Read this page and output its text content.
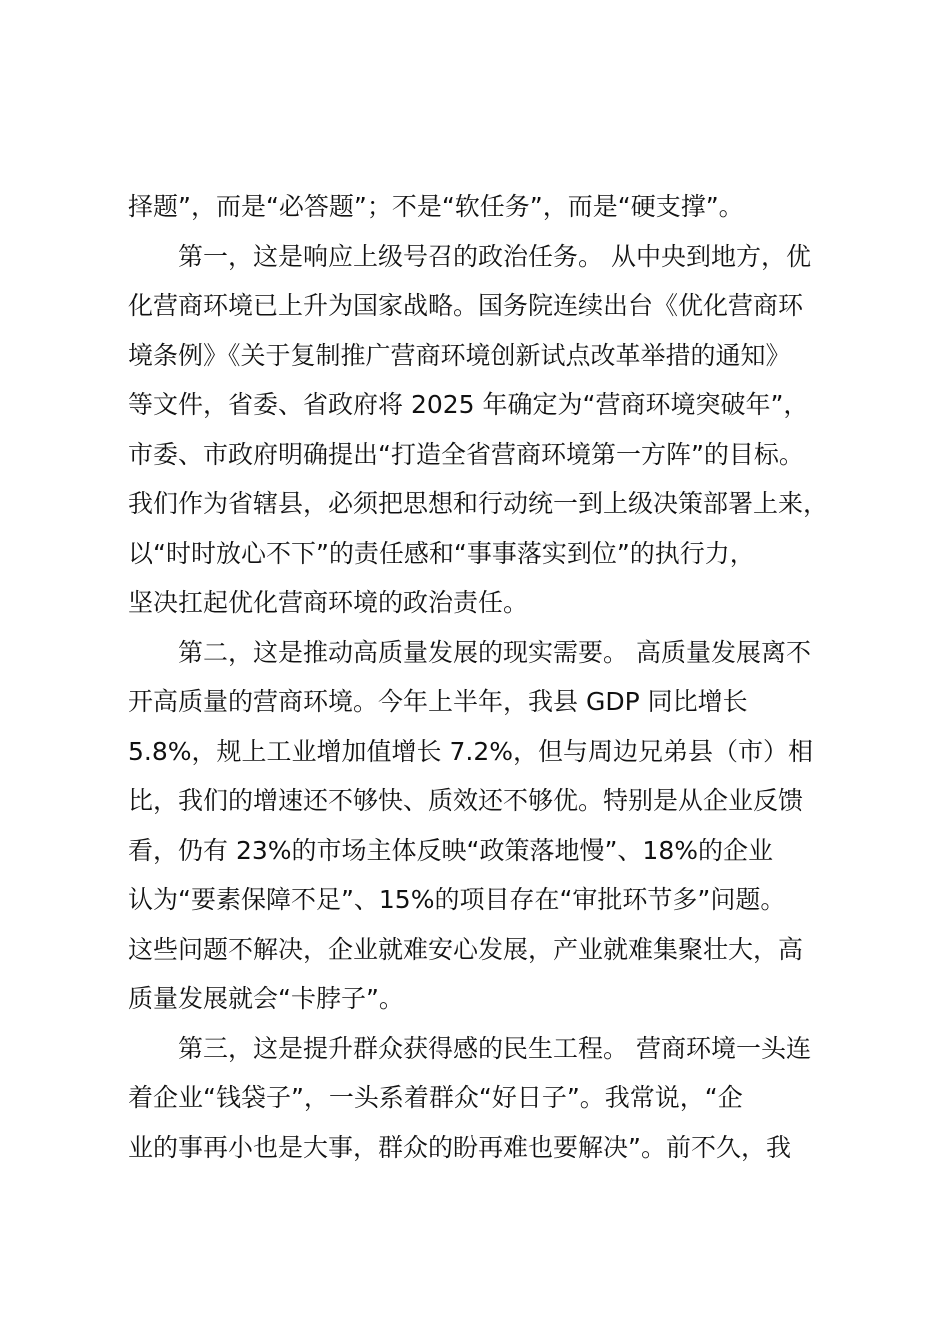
择题”，而是“必答题”；不是“软任务”，而是“硬支撑”。
第一，这是响应上级号召的政治任务。 从中央到地方，优
化营商环境已上升为国家战略。国务院连续出台《优化营商环
境条例》《关于复制推广营商环境创新试点改革举措的通知》
等文件，省委、省政府将 2025 年确定为“营商环境突破年”，
市委、市政府明确提出“打造全省营商环境第一方阵”的目标。
我们作为省辖县，必须把思想和行动统一到上级决策部署上来，
以“时时放心不下”的责任感和“事事落实到位”的执行力，
坚决扛起优化营商环境的政治责任。
第二，这是推动高质量发展的现实需要。 高质量发展离不
开高质量的营商环境。今年上半年，我县 GDP 同比增长
5.8%，规上工业增加值增长 7.2%，但与周边兄弟县（市）相
比，我们的增速还不够快、质效还不够优。特别是从企业反馈
看，仍有 23%的市场主体反映“政策落地慢”、18%的企业
认为“要素保障不足”、15%的项目存在“审批环节多”问题。
这些问题不解决，企业就难安心发展，产业就难集聚壮大，高
质量发展就会“卡脖子”。
第三，这是提升群众获得感的民生工程。 营商环境一头连
着企业“钱袋子”，一头系着群众“好日子”。我常说，“企
业的事再小也是大事，群众的盼再难也要解决”。前不久，我
